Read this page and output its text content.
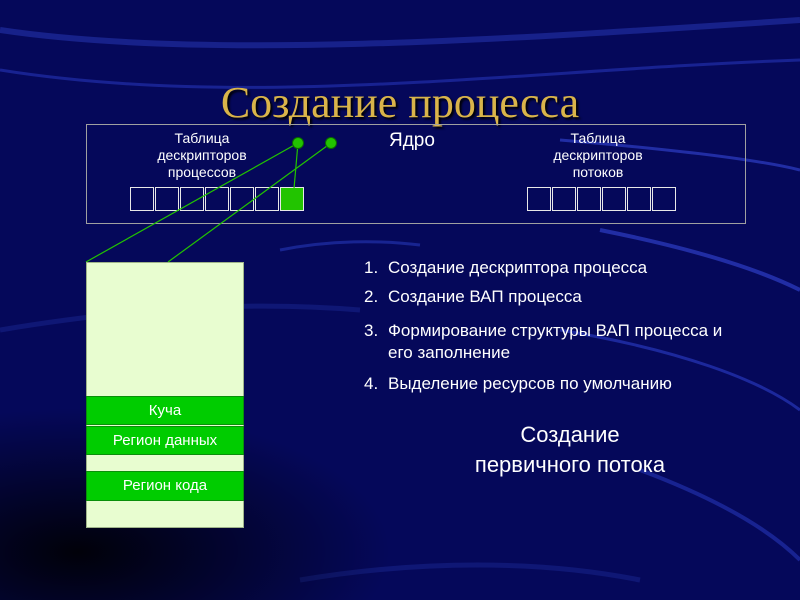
Создание процесса
Ядро
Таблица
дескрипторов
процессов
Таблица
дескрипторов
потоков
Куча
Регион данных
Регион кода
1. Создание дескриптора процесса
2. Создание ВАП процесса
3. Формирование структуры ВАП процесса и его заполнение
4. Выделение ресурсов по умолчанию
Создание
первичного потока
